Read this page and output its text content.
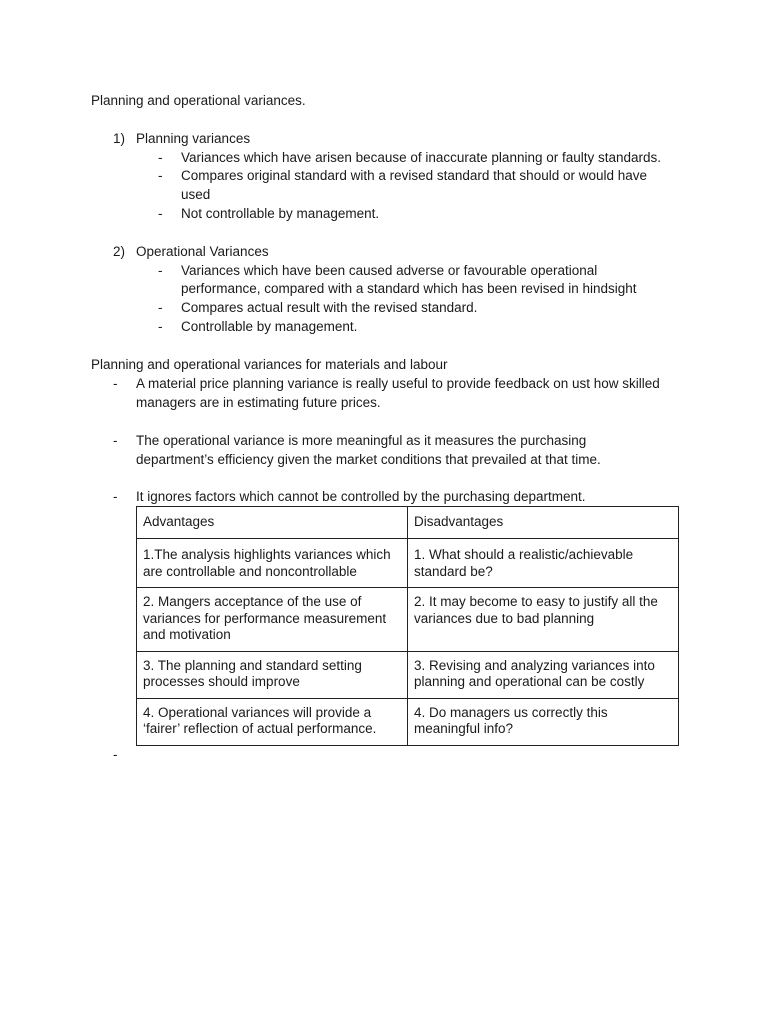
Planning and operational variances.
1) Planning variances
- Variances which have arisen because of inaccurate planning or faulty standards.
- Compares original standard with a revised standard that should or would have
used
- Not controllable by management.
2) Operational Variances
- Variances which have been caused adverse or favourable operational
performance, compared with a standard which has been revised in hindsight
- Compares actual result with the revised standard.
- Controllable by management.
Planning and operational variances for materials and labour
- A material price planning variance is really useful to provide feedback on ust how skilled
managers are in estimating future prices.
- The operational variance is more meaningful as it measures the purchasing
department’s efficiency given the market conditions that prevailed at that time.
- It ignores factors which cannot be controlled by the purchasing department.
Advantages	Disadvantages
1.The analysis highlights variances which are controllable and noncontrollable	1. What should a realistic/achievable standard be?
2. Mangers acceptance of the use of variances for performance measurement and motivation	2. It may become to easy to justify all the variances due to bad planning
3. The planning and standard setting processes should improve	3. Revising and analyzing variances into planning and operational can be costly
4. Operational variances will provide a ‘fairer’ reflection of actual performance.	4. Do managers us correctly this meaningful info?
-
